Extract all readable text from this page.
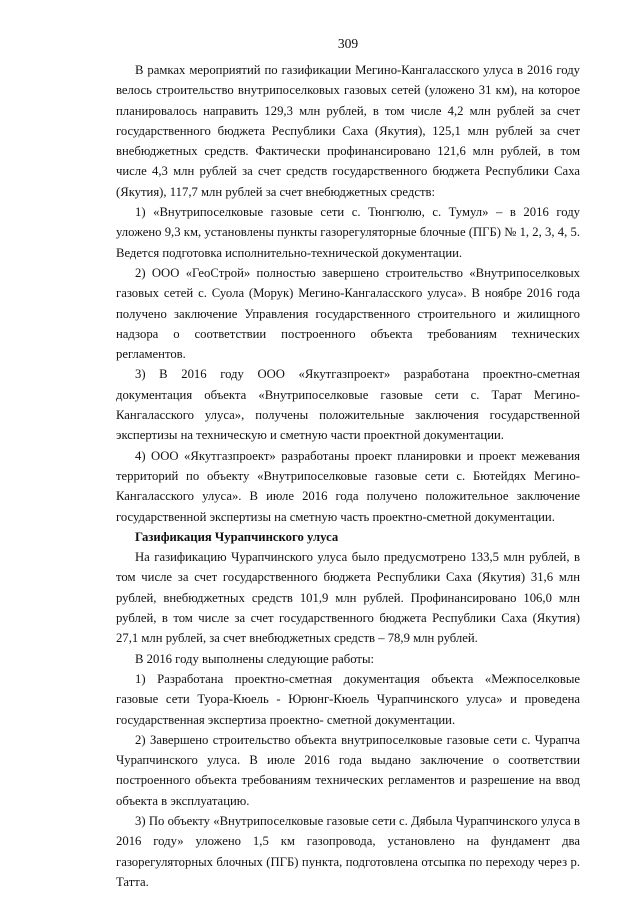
309

В рамках мероприятий по газификации Мегино-Кангаласского улуса в 2016 году велось строительство внутрипоселковых газовых сетей (уложено 31 км), на которое планировалось направить 129,3 млн рублей, в том числе 4,2 млн рублей за счет государственного бюджета Республики Саха (Якутия), 125,1 млн рублей за счет внебюджетных средств. Фактически профинансировано 121,6 млн рублей, в том числе 4,3 млн рублей за счет средств государственного бюджета Республики Саха (Якутия), 117,7 млн рублей за счет внебюджетных средств:

1) «Внутрипоселковые газовые сети с. Тюнгюлю, с. Тумул» – в 2016 году уложено 9,3 км, установлены пункты газорегуляторные блочные (ПГБ) № 1, 2, 3, 4, 5. Ведется подготовка исполнительно-технической документации.

2) ООО «ГеоСтрой» полностью завершено строительство «Внутрипоселковых газовых сетей с. Суола (Морук) Мегино-Кангаласского улуса». В ноябре 2016 года получено заключение Управления государственного строительного и жилищного надзора о соответствии построенного объекта требованиям технических регламентов.

3) В 2016 году ООО «Якутгазпроект» разработана проектно-сметная документация объекта «Внутрипоселковые газовые сети с. Тарат Мегино-Кангаласского улуса», получены положительные заключения государственной экспертизы на техническую и сметную части проектной документации.

4) ООО «Якутгазпроект» разработаны проект планировки и проект межевания территорий по объекту «Внутрипоселковые газовые сети с. Бютейдях Мегино-Кангаласского улуса». В июле 2016 года получено положительное заключение государственной экспертизы на сметную часть проектно-сметной документации.

Газификация Чурапчинского улуса

На газификацию Чурапчинского улуса было предусмотрено 133,5 млн рублей, в том числе за счет государственного бюджета Республики Саха (Якутия) 31,6 млн рублей, внебюджетных средств 101,9 млн рублей. Профинансировано 106,0 млн рублей, в том числе за счет государственного бюджета Республики Саха (Якутия) 27,1 млн рублей, за счет внебюджетных средств – 78,9 млн рублей.

В 2016 году выполнены следующие работы:

1) Разработана проектно-сметная документация объекта «Межпоселковые газовые сети Туора-Кюель - Юрюнг-Кюель Чурапчинского улуса» и проведена государственная экспертиза проектно- сметной документации.

2) Завершено строительство объекта внутрипоселковые газовые сети с. Чурапча Чурапчинского улуса. В июле 2016 года выдано заключение о соответствии построенного объекта требованиям технических регламентов и разрешение на ввод объекта в эксплуатацию.

3) По объекту «Внутрипоселковые газовые сети с. Дябыла Чурапчинского улуса в 2016 году» уложено 1,5 км газопровода, установлено на фундамент два газорегуляторных блочных (ПГБ) пункта, подготовлена отсыпка по переходу через р. Татта.
